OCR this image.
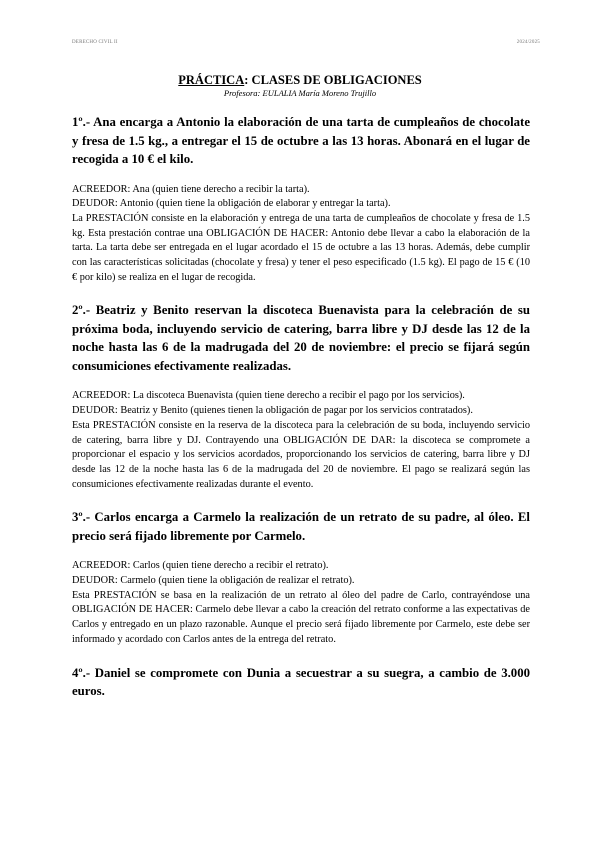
DERECHO CIVIL II	2024/2025
PRÁCTICA: CLASES DE OBLIGACIONES
Profesora: EULALIA María Moreno Trujillo

1º.- Ana encarga a Antonio la elaboración de una tarta de cumpleaños de chocolate y fresa de 1.5 kg., a entregar el 15 de octubre a las 13 horas. Abonará en el lugar de recogida a 10 € el kilo.

ACREEDOR: Ana (quien tiene derecho a recibir la tarta).

DEUDOR: Antonio (quien tiene la obligación de elaborar y entregar la tarta).

La PRESTACIÓN consiste en la elaboración y entrega de una tarta de cumpleaños de chocolate y fresa de 1.5 kg. Esta prestación contrae una OBLIGACIÓN DE HACER: Antonio debe llevar a cabo la elaboración de la tarta. La tarta debe ser entregada en el lugar acordado el 15 de octubre a las 13 horas. Además, debe cumplir con las características solicitadas (chocolate y fresa) y tener el peso especificado (1.5 kg). El pago de 15 € (10 € por kilo) se realiza en el lugar de recogida.

2º.- Beatriz y Benito reservan la discoteca Buenavista para la celebración de su próxima boda, incluyendo servicio de catering, barra libre y DJ desde las 12 de la noche hasta las 6 de la madrugada del 20 de noviembre: el precio se fijará según consumiciones efectivamente realizadas.

ACREEDOR: La discoteca Buenavista (quien tiene derecho a recibir el pago por los servicios).

DEUDOR: Beatriz y Benito (quienes tienen la obligación de pagar por los servicios contratados).

Esta PRESTACIÓN consiste en la reserva de la discoteca para la celebración de su boda, incluyendo servicio de catering, barra libre y DJ. Contrayendo una OBLIGACIÓN DE DAR: la discoteca se compromete a proporcionar el espacio y los servicios acordados, proporcionando los servicios de catering, barra libre y DJ desde las 12 de la noche hasta las 6 de la madrugada del 20 de noviembre. El pago se realizará según las consumiciones efectivamente realizadas durante el evento.

3º.- Carlos encarga a Carmelo la realización de un retrato de su padre, al óleo. El precio será fijado libremente por Carmelo.

ACREEDOR: Carlos (quien tiene derecho a recibir el retrato).

DEUDOR: Carmelo (quien tiene la obligación de realizar el retrato).

Esta PRESTACIÓN se basa en la realización de un retrato al óleo del padre de Carlo, contrayéndose una OBLIGACIÓN DE HACER: Carmelo debe llevar a cabo la creación del retrato conforme a las expectativas de Carlos y entregado en un plazo razonable. Aunque el precio será fijado libremente por Carmelo, este debe ser informado y acordado con Carlos antes de la entrega del retrato.

4º.- Daniel se compromete con Dunia a secuestrar a su suegra, a cambio de 3.000 euros.
